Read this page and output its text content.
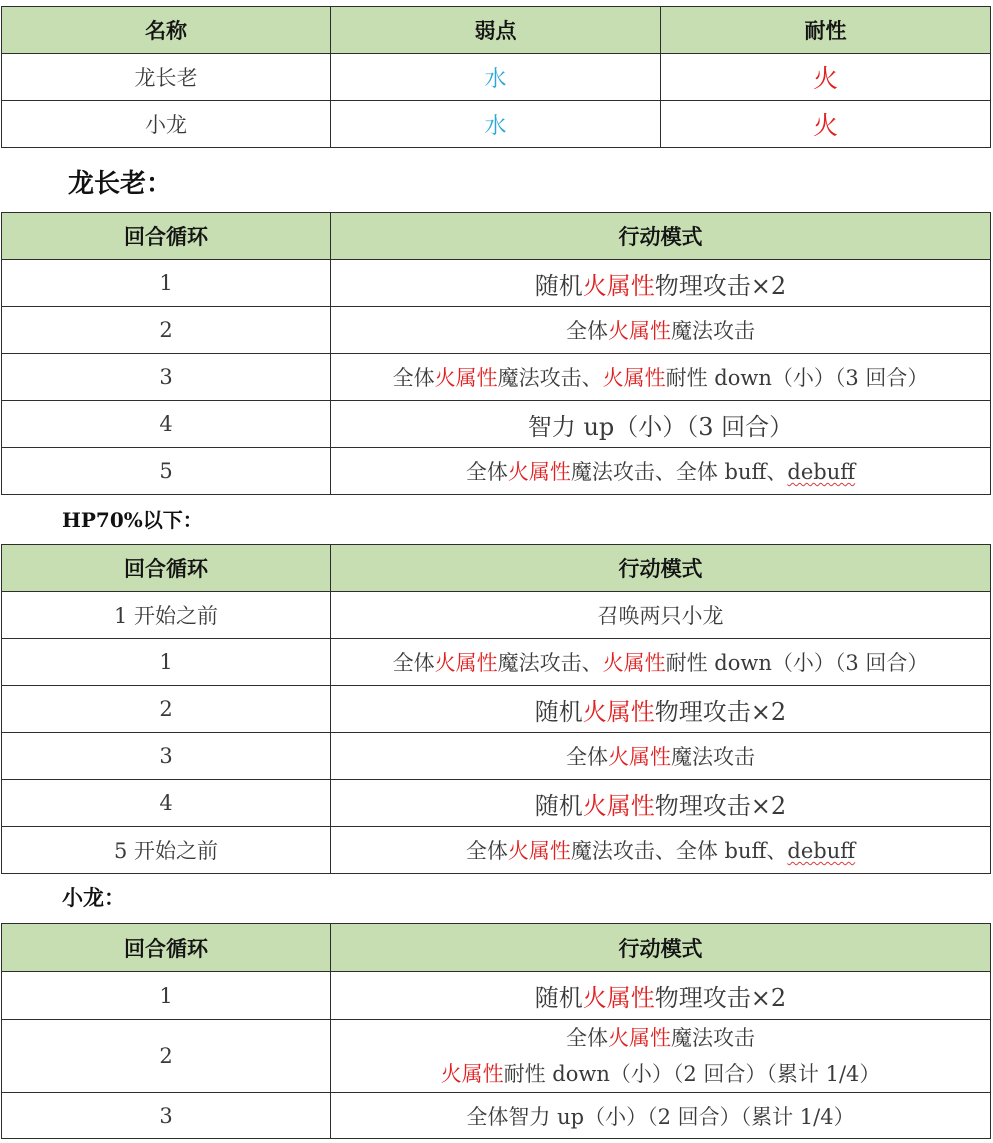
名称	弱点	耐性
龙长老	水	火
小龙	水	火
龙长老：
回合循环	行动模式
1	随机火属性物理攻击×2
2	全体火属性魔法攻击
3	全体火属性魔法攻击、火属性耐性 down（小）（3 回合）
4	智力 up（小）（3 回合）
5	全体火属性魔法攻击、全体 buff、debuff
HP70%以下：
回合循环	行动模式
1 开始之前	召唤两只小龙
1	全体火属性魔法攻击、火属性耐性 down（小）（3 回合）
2	随机火属性物理攻击×2
3	全体火属性魔法攻击
4	随机火属性物理攻击×2
5 开始之前	全体火属性魔法攻击、全体 buff、debuff
小龙：
回合循环	行动模式
1	随机火属性物理攻击×2
2	全体火属性魔法攻击
火属性耐性 down（小）（2 回合）（累计 1/4）

3	全体智力 up（小）（2 回合）（累计 1/4）
